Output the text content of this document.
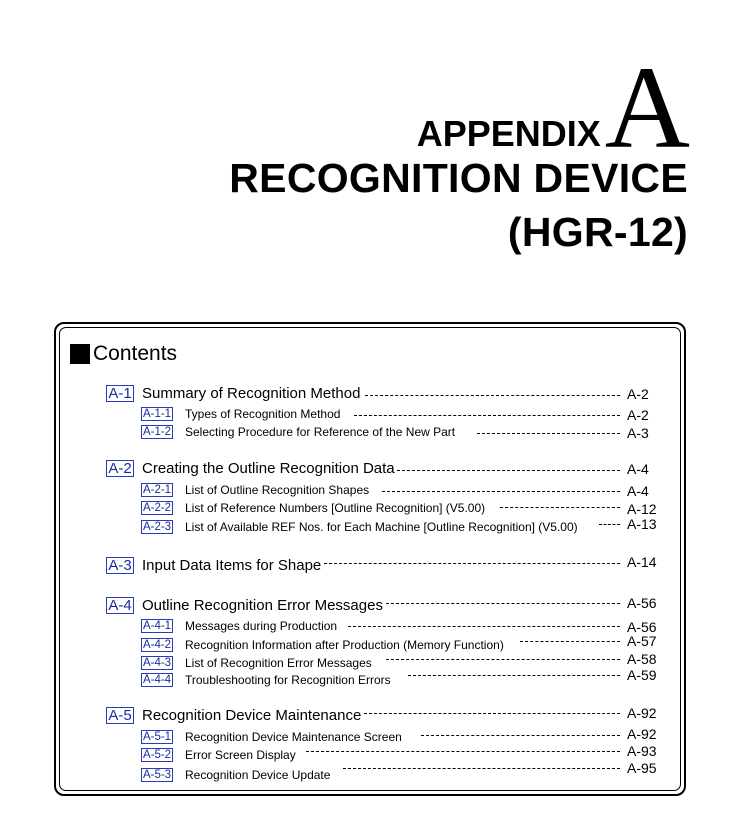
APPENDIX A
RECOGNITION DEVICE
(HGR-12)
Contents
A-1 Summary of Recognition Method	A-2
A-1-1 Types of Recognition Method	A-2
A-1-2 Selecting Procedure for Reference of the New Part	A-3
A-2 Creating the Outline Recognition Data	A-4
A-2-1 List of Outline Recognition Shapes	A-4
A-2-2 List of Reference Numbers [Outline Recognition] (V5.00)	A-12
A-2-3 List of Available REF Nos. for Each Machine [Outline Recognition] (V5.00)	A-13
A-3 Input Data Items for Shape	A-14
A-4 Outline Recognition Error Messages	A-56
A-4-1 Messages during Production	A-56
A-4-2 Recognition Information after Production (Memory Function)	A-57
A-4-3 List of Recognition Error Messages	A-58
A-4-4 Troubleshooting for Recognition Errors	A-59
A-5 Recognition Device Maintenance	A-92
A-5-1 Recognition Device Maintenance Screen	A-92
A-5-2 Error Screen Display	A-93
A-5-3 Recognition Device Update	A-95
